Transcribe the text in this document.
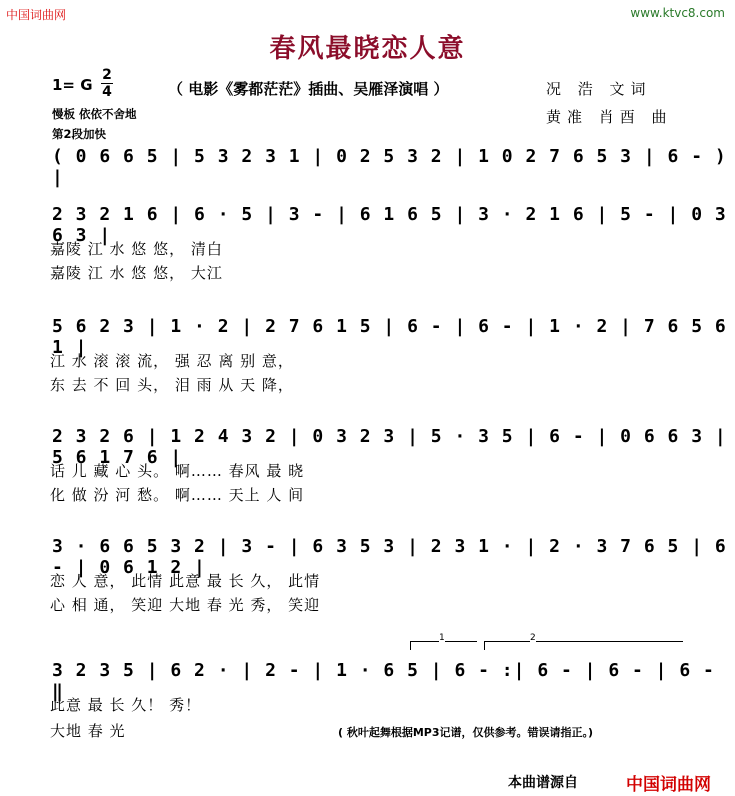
中国词曲网	www.ktvc8.com
春风最晓恋人意
1= G
2
4	（ 电影《雾都茫茫》插曲、吴雁泽演唱 ）
慢板 依依不舍地
第2段加快
况 浩 文词
黄准 肖酉 曲
( 0 6 6 5 | 5 3 2 3 1 | 0 2 5 3 2 | 1 0 2 7 6 5 3 | 6 - ) |
2 3 2 1 6 | 6 · 5 | 3 - | 6 1 6 5 | 3 · 2 1 6 | 5 - | 0 3 6 3 |
嘉陵 江 水 悠 悠， 清白
嘉陵 江 水 悠 悠， 大江
5 6 2 3 | 1 · 2 | 2 7 6 1 5 | 6 - | 6 - | 1 · 2 | 7 6 5 6 1 |
江 水 滚 滚 流， 强 忍 离 别 意，
东 去 不 回 头， 泪 雨 从 天 降，
2 3 2 6 | 1 2 4 3 2 | 0 3 2 3 | 5 · 3 5 | 6 - | 0 6 6 3 | 5 6 1 7 6 |
话 儿 藏 心 头。 啊…… 春风 最 晓
化 做 汾 河 愁。 啊…… 天上 人 间
3 · 6 6 5 3 2 | 3 - | 6 3 5 3 | 2 3 1 · | 2 · 3 7 6 5 | 6 - | 0 6 1 2 |
恋 人 意， 此情 此意 最 长 久， 此情
心 相 通， 笑迎 大地 春 光 秀， 笑迎
1	2
3 2 3 5 | 6 2 · | 2 - | 1 · 6 5 | 6 - :| 6 - | 6 - | 6 - ‖
此意 最 长 久！ 秀！
大地 春 光	( 秋叶起舞根据MP3记谱，仅供参考。错误请指正。)
本曲谱源自	中国词曲网
